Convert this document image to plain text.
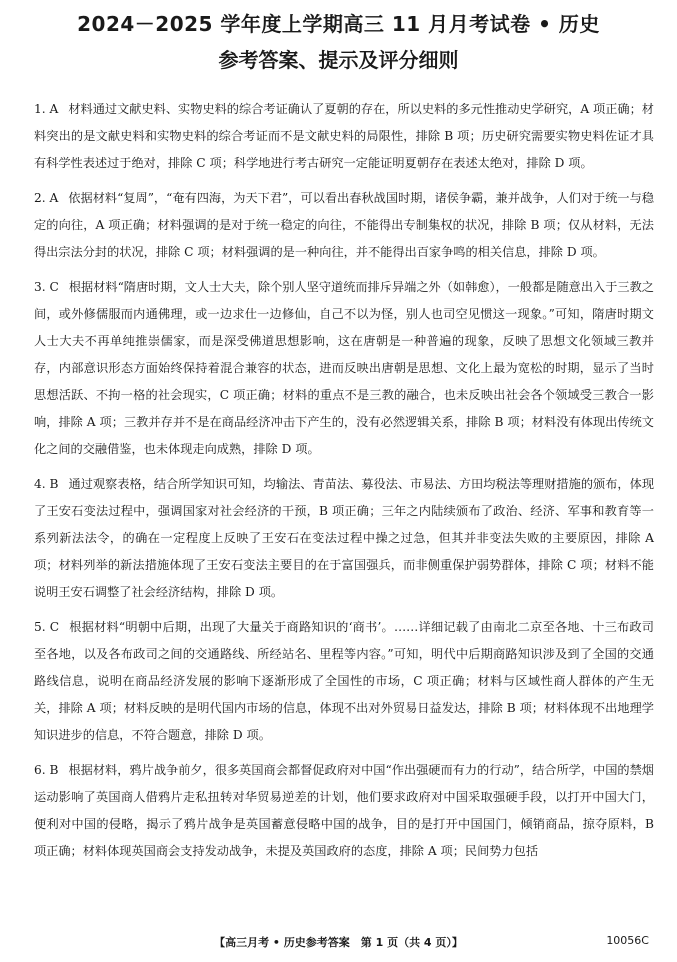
2024－2025 学年度上学期高三 11 月月考试卷 • 历史
参考答案、提示及评分细则

1. A 材料通过文献史料、实物史料的综合考证确认了夏朝的存在，所以史料的多元性推动史学研究，A 项正确；材料突出的是文献史料和实物史料的综合考证而不是文献史料的局限性，排除 B 项；历史研究需要实物史料佐证才具有科学性表述过于绝对，排除 C 项；科学地进行考古研究一定能证明夏朝存在表述太绝对，排除 D 项。

2. A 依据材料“复周”，“奄有四海，为天下君”，可以看出春秋战国时期，诸侯争霸，兼并战争，人们对于统一与稳定的向往，A 项正确；材料强调的是对于统一稳定的向往，不能得出专制集权的状况，排除 B 项；仅从材料，无法得出宗法分封的状况，排除 C 项；材料强调的是一种向往，并不能得出百家争鸣的相关信息，排除 D 项。

3. C 根据材料“隋唐时期，文人士大夫，除个别人坚守道统而排斥异端之外（如韩愈），一般都是随意出入于三教之间，或外修儒服而内通佛理，或一边求仕一边修仙，自己不以为怪，别人也司空见惯这一现象。”可知，隋唐时期文人士大夫不再单纯推崇儒家，而是深受佛道思想影响，这在唐朝是一种普遍的现象，反映了思想文化领域三教并存，内部意识形态方面始终保持着混合兼容的状态，进而反映出唐朝是思想、文化上最为宽松的时期，显示了当时思想活跃、不拘一格的社会现实，C 项正确；材料的重点不是三教的融合，也未反映出社会各个领域受三教合一影响，排除 A 项；三教并存并不是在商品经济冲击下产生的，没有必然逻辑关系，排除 B 项；材料没有体现出传统文化之间的交融借鉴，也未体现走向成熟，排除 D 项。

4. B 通过观察表格，结合所学知识可知，均输法、青苗法、募役法、市易法、方田均税法等理财措施的颁布，体现了王安石变法过程中，强调国家对社会经济的干预，B 项正确；三年之内陆续颁布了政治、经济、军事和教育等一系列新法法令，的确在一定程度上反映了王安石在变法过程中操之过急，但其并非变法失败的主要原因，排除 A 项；材料列举的新法措施体现了王安石变法主要目的在于富国强兵，而非侧重保护弱势群体，排除 C 项；材料不能说明王安石调整了社会经济结构，排除 D 项。

5. C 根据材料“明朝中后期，出现了大量关于商路知识的‘商书’。……详细记载了由南北二京至各地、十三布政司至各地，以及各布政司之间的交通路线、所经站名、里程等内容。”可知，明代中后期商路知识涉及到了全国的交通路线信息，说明在商品经济发展的影响下逐渐形成了全国性的市场，C 项正确；材料与区域性商人群体的产生无关，排除 A 项；材料反映的是明代国内市场的信息，体现不出对外贸易日益发达，排除 B 项；材料体现不出地理学知识进步的信息，不符合题意，排除 D 项。

6. B 根据材料，鸦片战争前夕，很多英国商会都督促政府对中国“作出强硬而有力的行动”，结合所学，中国的禁烟运动影响了英国商人借鸦片走私扭转对华贸易逆差的计划，他们要求政府对中国采取强硬手段，以打开中国大门，便利对中国的侵略，揭示了鸦片战争是英国蓄意侵略中国的战争，目的是打开中国国门，倾销商品，掠夺原料，B 项正确；材料体现英国商会支持发动战争，未提及英国政府的态度，排除 A 项；民间势力包括

【高三月考 • 历史参考答案　第 1 页（共 4 页）】	10056C
